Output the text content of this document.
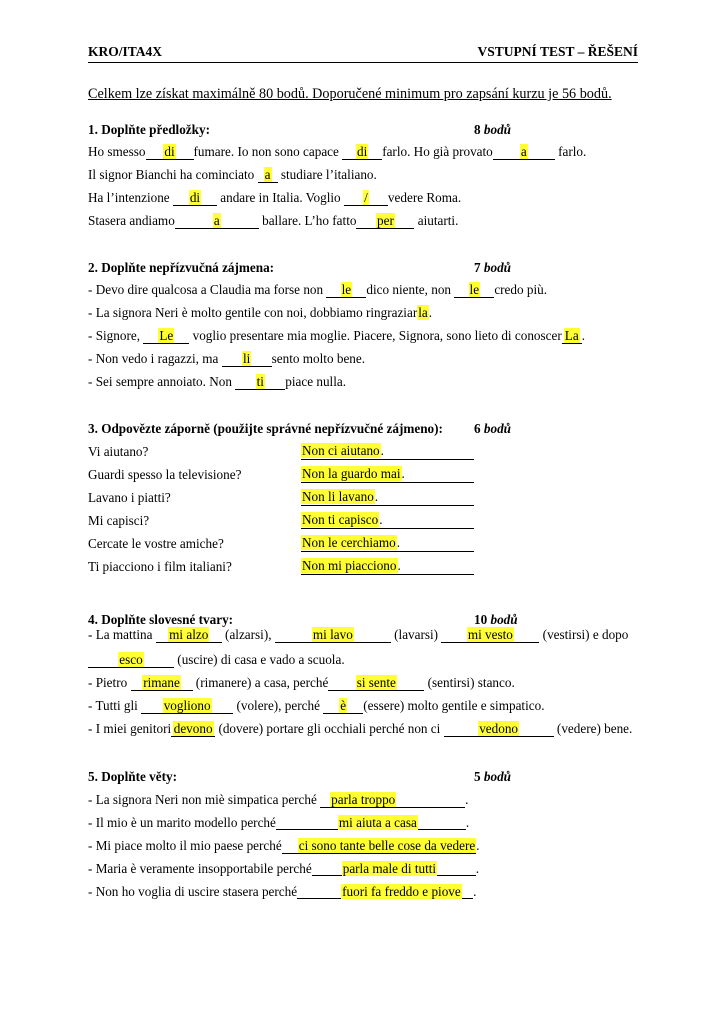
KRO/ITA4X	VSTUPNÍ TEST – ŘEŠENÍ
Celkem lze získat maximálně 80 bodů. Doporučené minimum pro zapsání kurzu je 56 bodů.
1. Doplňte předložky:	8 bodů
Ho smesso di fumare. Io non sono capace di farlo. Ho già provato a farlo.
Il signor Bianchi ha cominciato a studiare l’italiano.
Ha l’intenzione di andare in Italia. Voglio / vedere Roma.
Stasera andiamo	a	ballare. L’ho fatto per aiutarti.
2. Doplňte nepřízvučná zájmena:	7 bodů
- Devo dire qualcosa a Claudia ma forse non le dico niente, non le credo più.
- La signora Neri è molto gentile con noi, dobbiamo ringraziarla.
- Signore, Le voglio presentare mia moglie. Piacere, Signora, sono lieto di conoscer La .
- Non vedo i ragazzi, ma li sento molto bene.
- Sei sempre annoiato. Non ti piace nulla.
3. Odpovězte záporně (použijte správné nepřízvučné zájmeno): 6 bodů
Vi aiutano?	Non ci aiutano.
Guardi spesso la televisione?	Non la guardo mai.
Lavano i piatti?	Non li lavano.
Mi capisci?	Non ti capisco.
Cercate le vostre amiche?	Non le cerchiamo.
Ti piacciono i film italiani?	Non mi piacciono.
4. Doplňte slovesné tvary:	10 bodů
- La mattina mi alzo (alzarsi),	mi lavo	(lavarsi) mi vesto (vestirsi) e dopo
esco (uscire) di casa e vado a scuola.
- Pietro rimane (rimanere) a casa, perché si sente (sentirsi) stanco.
- Tutti gli vogliono (volere), perché è (essere) molto gentile e simpatico.
- I miei genitori devono (dovere) portare gli occhiali perché non ci	vedono	(vedere) bene.
5. Doplňte věty:	5 bodů
- La signora Neri non miè simpatica perché parla troppo	.
- Il mio è un marito modello perché	mi aiuta a casa	.
- Mi piace molto il mio paese perché ci sono tante belle cose da vedere.
- Maria è veramente insopportabile perché parla male di tutti	.
- Non ho voglia di uscire stasera perché	fuori fa freddo e piove .
